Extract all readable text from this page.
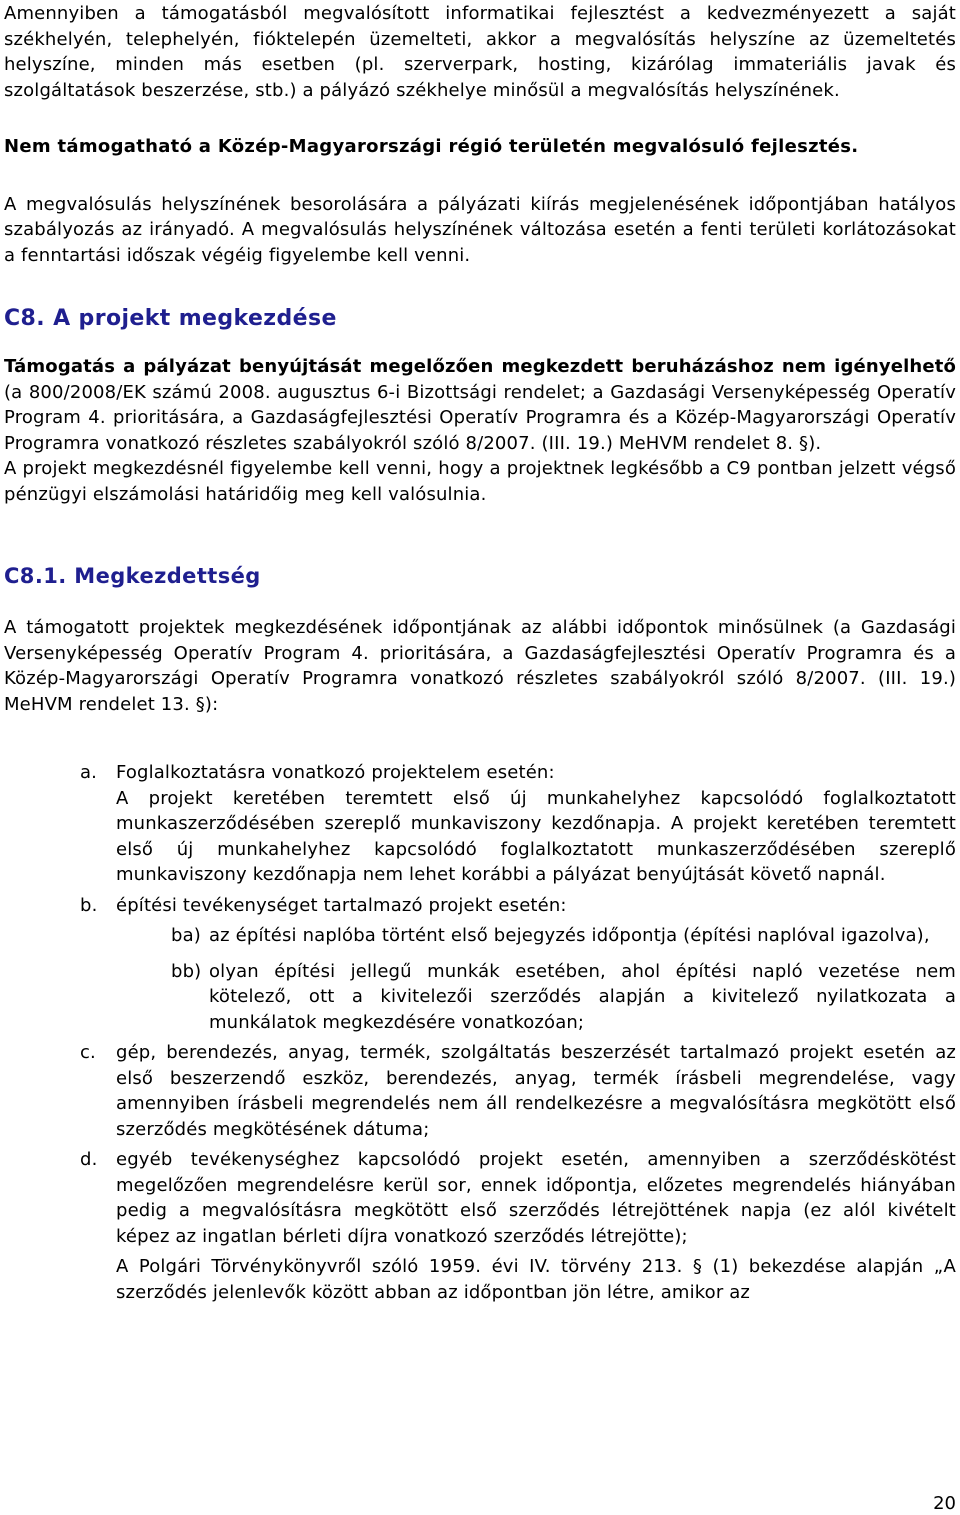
Amennyiben a támogatásból megvalósított informatikai fejlesztést a kedvezményezett a saját székhelyén, telephelyén, fióktelepén üzemelteti, akkor a megvalósítás helyszíne az üzemeltetés helyszíne, minden más esetben (pl. szerverpark, hosting, kizárólag immateriális javak és szolgáltatások beszerzése, stb.) a pályázó székhelye minősül a megvalósítás helyszínének.

Nem támogatható a Közép-Magyarországi régió területén megvalósuló fejlesztés.

A megvalósulás helyszínének besorolására a pályázati kiírás megjelenésének időpontjában hatályos szabályozás az irányadó. A megvalósulás helyszínének változása esetén a fenti területi korlátozásokat a fenntartási időszak végéig figyelembe kell venni.

C8. A projekt megkezdése

Támogatás a pályázat benyújtását megelőzően megkezdett beruházáshoz nem igényelhető (a 800/2008/EK számú 2008. augusztus 6-i Bizottsági rendelet; a Gazdasági Versenyképesség Operatív Program 4. prioritására, a Gazdaságfejlesztési Operatív Programra és a Közép-Magyarországi Operatív Programra vonatkozó részletes szabályokról szóló 8/2007. (III. 19.) MeHVM rendelet 8. §).

A projekt megkezdésnél figyelembe kell venni, hogy a projektnek legkésőbb a C9 pontban jelzett végső pénzügyi elszámolási határidőig meg kell valósulnia.

C8.1. Megkezdettség

A támogatott projektek megkezdésének időpontjának az alábbi időpontok minősülnek (a Gazdasági Versenyképesség Operatív Program 4. prioritására, a Gazdaságfejlesztési Operatív Programra és a Közép-Magyarországi Operatív Programra vonatkozó részletes szabályokról szóló 8/2007. (III. 19.) MeHVM rendelet 13. §):

a. Foglalkoztatásra vonatkozó projektelem esetén:
A projekt keretében teremtett első új munkahelyhez kapcsolódó foglalkoztatott munkaszerződésében szereplő munkaviszony kezdőnapja. A projekt keretében teremtett első új munkahelyhez kapcsolódó foglalkoztatott munkaszerződésében szereplő munkaviszony kezdőnapja nem lehet korábbi a pályázat benyújtását követő napnál.
b. építési tevékenységet tartalmazó projekt esetén:
ba) az építési naplóba történt első bejegyzés időpontja (építési naplóval igazolva),
bb) olyan építési jellegű munkák esetében, ahol építési napló vezetése nem kötelező, ott a kivitelezői szerződés alapján a kivitelező nyilatkozata a munkálatok megkezdésére vonatkozóan;
c. gép, berendezés, anyag, termék, szolgáltatás beszerzését tartalmazó projekt esetén az első beszerzendő eszköz, berendezés, anyag, termék írásbeli megrendelése, vagy amennyiben írásbeli megrendelés nem áll rendelkezésre a megvalósításra megkötött első szerződés megkötésének dátuma;
d. egyéb tevékenységhez kapcsolódó projekt esetén, amennyiben a szerződéskötést megelőzően megrendelésre kerül sor, ennek időpontja, előzetes megrendelés hiányában pedig a megvalósításra megkötött első szerződés létrejöttének napja (ez alól kivételt képez az ingatlan bérleti díjra vonatkozó szerződés létrejötte);
A Polgári Törvénykönyvről szóló 1959. évi IV. törvény 213. § (1) bekezdése alapján „A szerződés jelenlevők között abban az időpontban jön létre, amikor az
20
